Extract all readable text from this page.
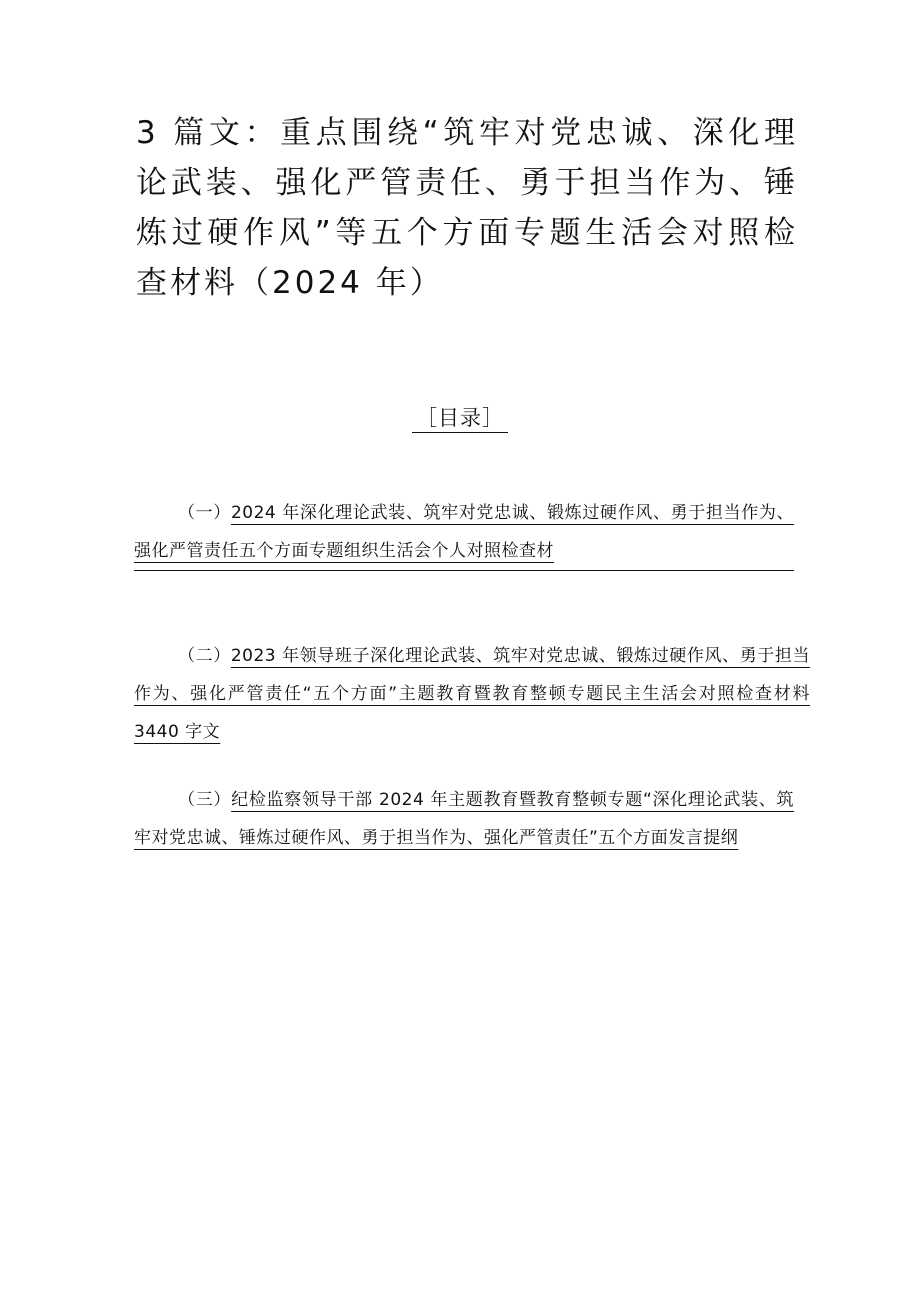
3 篇文：重点围绕“筑牢对党忠诚、深化理论武装、强化严管责任、勇于担当作为、锤炼过硬作风”等五个方面专题生活会对照检查材料（2024 年）
［目录］

（一）2024 年深化理论武装、筑牢对党忠诚、锻炼过硬作风、勇于担当作为、强化严管责任五个方面专题组织生活会个人对照检查材

（二）2023 年领导班子深化理论武装、筑牢对党忠诚、锻炼过硬作风、勇于担当作为、强化严管责任“五个方面”主题教育暨教育整顿专题民主生活会对照检查材料 3440 字文

（三）纪检监察领导干部 2024 年主题教育暨教育整顿专题“深化理论武装、筑牢对党忠诚、锤炼过硬作风、勇于担当作为、强化严管责任”五个方面发言提纲
